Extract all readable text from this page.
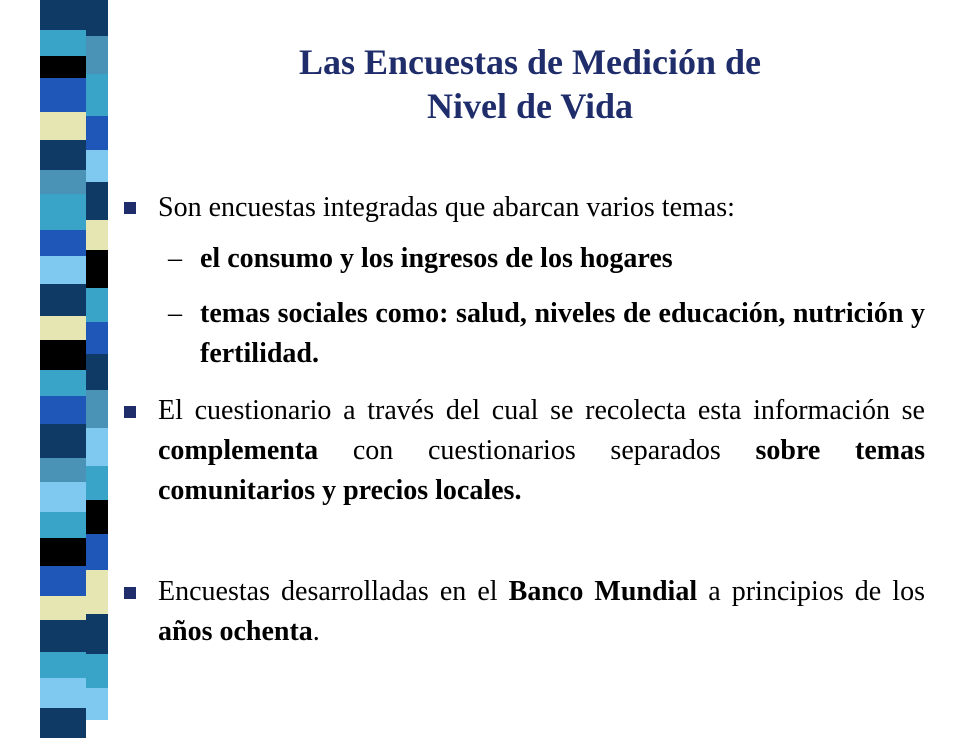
Las Encuestas de Medición de
Nivel de Vida
Son encuestas integradas que abarcan varios temas:
– el consumo y los ingresos de los hogares
– temas sociales como: salud, niveles de educación, nutrición y fertilidad.
El cuestionario a través del cual se recolecta esta información se complementa con cuestionarios separados sobre temas comunitarios y precios locales.
Encuestas desarrolladas en el Banco Mundial a principios de los años ochenta.
